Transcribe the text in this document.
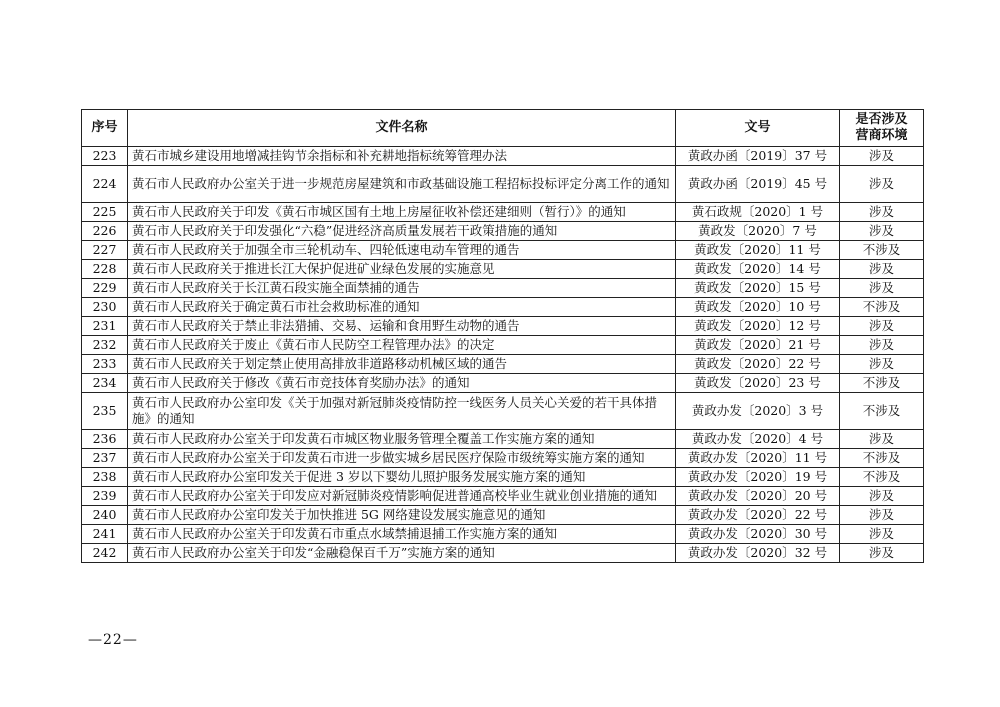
序号	文件名称	文号	是否涉及
营商环境

223	黄石市城乡建设用地增减挂钩节余指标和补充耕地指标统筹管理办法	黄政办函〔2019〕37 号	涉及
224	黄石市人民政府办公室关于进一步规范房屋建筑和市政基础设施工程招标投标评定分离工作的通知	黄政办函〔2019〕45 号	涉及
225	黄石市人民政府关于印发《黄石市城区国有土地上房屋征收补偿还建细则（暂行）》的通知	黄石政规〔2020〕1 号	涉及
226	黄石市人民政府关于印发强化“六稳”促进经济高质量发展若干政策措施的通知	黄政发〔2020〕7 号	涉及
227	黄石市人民政府关于加强全市三轮机动车、四轮低速电动车管理的通告	黄政发〔2020〕11 号	不涉及
228	黄石市人民政府关于推进长江大保护促进矿业绿色发展的实施意见	黄政发〔2020〕14 号	涉及
229	黄石市人民政府关于长江黄石段实施全面禁捕的通告	黄政发〔2020〕15 号	涉及
230	黄石市人民政府关于确定黄石市社会救助标准的通知	黄政发〔2020〕10 号	不涉及
231	黄石市人民政府关于禁止非法猎捕、交易、运输和食用野生动物的通告	黄政发〔2020〕12 号	涉及
232	黄石市人民政府关于废止《黄石市人民防空工程管理办法》的决定	黄政发〔2020〕21 号	涉及
233	黄石市人民政府关于划定禁止使用高排放非道路移动机械区域的通告	黄政发〔2020〕22 号	涉及
234	黄石市人民政府关于修改《黄石市竞技体育奖励办法》的通知	黄政发〔2020〕23 号	不涉及
235	黄石市人民政府办公室印发《关于加强对新冠肺炎疫情防控一线医务人员关心关爱的若干具体措施》的通知	黄政办发〔2020〕3 号	不涉及
236	黄石市人民政府办公室关于印发黄石市城区物业服务管理全覆盖工作实施方案的通知	黄政办发〔2020〕4 号	涉及
237	黄石市人民政府办公室关于印发黄石市进一步做实城乡居民医疗保险市级统筹实施方案的通知	黄政办发〔2020〕11 号	不涉及
238	黄石市人民政府办公室印发关于促进 3 岁以下婴幼儿照护服务发展实施方案的通知	黄政办发〔2020〕19 号	不涉及
239	黄石市人民政府办公室关于印发应对新冠肺炎疫情影响促进普通高校毕业生就业创业措施的通知	黄政办发〔2020〕20 号	涉及
240	黄石市人民政府办公室印发关于加快推进 5G 网络建设发展实施意见的通知	黄政办发〔2020〕22 号	涉及
241	黄石市人民政府办公室关于印发黄石市重点水域禁捕退捕工作实施方案的通知	黄政办发〔2020〕30 号	涉及
242	黄石市人民政府办公室关于印发“金融稳保百千万”实施方案的通知	黄政办发〔2020〕32 号	涉及
—22—
